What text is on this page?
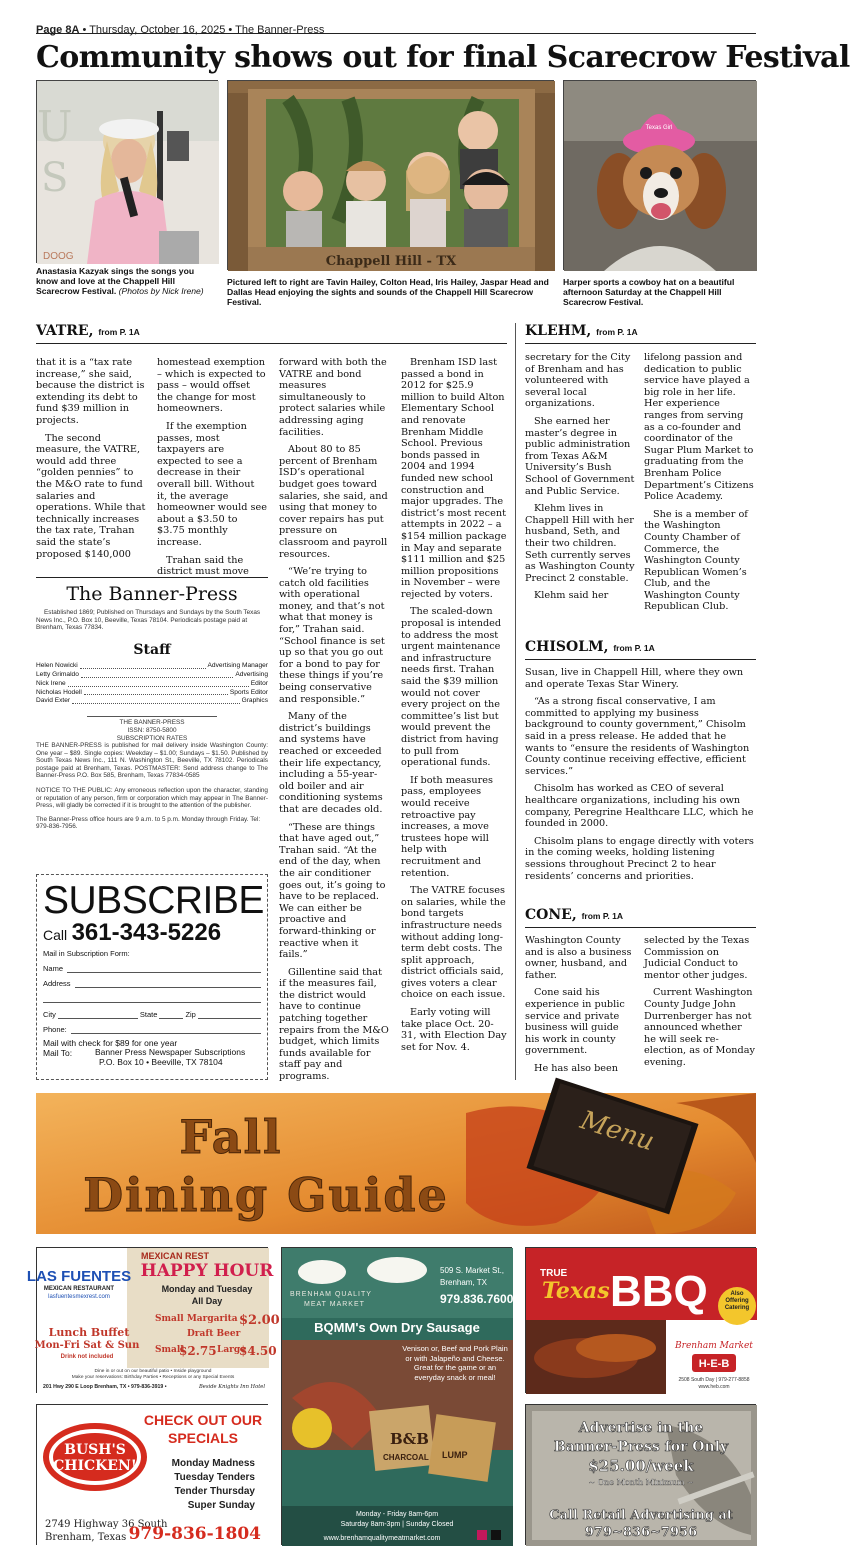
Page 8A • Thursday, October 16, 2025 • The Banner-Press
Community shows out for final Scarecrow Festival
U
S
DOOG	Chappell Hill - TX
Texas Girl
Anastasia Kazyak sings the songs you know and love at the Chappell Hill Scarecrow Festival. (Photos by Nick Irene)
Pictured left to right are Tavin Hailey, Colton Head, Iris Hailey, Jaspar Head and Dallas Head enjoying the sights and sounds of the Chappell Hill Scarecrow Festival.
Harper sports a cowboy hat on a beautiful afternoon Saturday at the Chappell Hill Scarecrow Festival.
VATRE, from P. 1A

that it is a “tax rate increase,” she said, because the district is extending its debt to fund $39 million in projects.

The second measure, the VATRE, would add three “golden pennies” to the M&O rate to fund salaries and operations. While that technically increases the tax rate, Trahan said the state’s proposed $140,000

homestead exemption – which is expected to pass – would offset the change for most homeowners.

If the exemption passes, most taxpayers are expected to see a decrease in their overall bill. Without it, the average homeowner would see about a $3.50 to $3.75 monthly increase.

Trahan said the district must move

forward with both the VATRE and bond measures simultaneously to protect salaries while addressing aging facilities.

About 80 to 85 percent of Brenham ISD’s operational budget goes toward salaries, she said, and using that money to cover repairs has put pressure on classroom and payroll resources.

“We’re trying to catch old facilities with operational money, and that’s not what that money is for,” Trahan said. “School finance is set up so that you go out for a bond to pay for these things if you’re being conservative and responsible.”

Many of the district’s buildings and systems have reached or exceeded their life expectancy, including a 55-year-old boiler and air conditioning systems that are decades old.

“These are things that have aged out,” Trahan said. “At the end of the day, when the air conditioner goes out, it’s going to have to be replaced. We can either be proactive and forward-thinking or reactive when it fails.”

Gillentine said that if the measures fail, the district would have to continue patching together repairs from the M&O budget, which limits funds available for staff pay and programs.

Brenham ISD last passed a bond in 2012 for $25.9 million to build Alton Elementary School and renovate Brenham Middle School. Previous bonds passed in 2004 and 1994 funded new school construction and major upgrades. The district’s most recent attempts in 2022 – a $154 million package in May and separate $111 million and $25 million propositions in November – were rejected by voters.

The scaled-down proposal is intended to address the most urgent maintenance and infrastructure needs first. Trahan said the $39 million would not cover every project on the committee’s list but would prevent the district from having to pull from operational funds.

If both measures pass, employees would receive retroactive pay increases, a move trustees hope will help with recruitment and retention.

The VATRE focuses on salaries, while the bond targets infrastructure needs without adding long-term debt costs. The split approach, district officials said, gives voters a clear choice on each issue.

Early voting will take place Oct. 20-31, with Election Day set for Nov. 4.

The Banner-Press
Established 1869; Published on Thursdays and Sundays by the South Texas News Inc., P.O. Box 10, Beeville, Texas 78104. Periodicals postage paid at Brenham, Texas 77834.
Staff
Helen Nowicki	Advertising Manager
Letty Grimaldo	Advertising
Nick Irene	Editor
Nicholas Hodell	Sports Editor
David Exter	Graphics
THE BANNER-PRESS
ISSN: 8750-5800
SUBSCRIPTION RATES
THE BANNER-PRESS is published for mail delivery inside Washington County: One year – $89. Single copies: Weekday – $1.00; Sundays – $1.50. Published by South Texas News Inc., 111 N. Washington St., Beeville, TX 78102. Periodicals postage paid at Brenham, Texas. POSTMASTER: Send address change to The Banner-Press P.O. Box 585, Brenham, Texas 77834-0585
NOTICE TO THE PUBLIC: Any erroneous reflection upon the character, standing or reputation of any person, firm or corporation which may appear in The Banner-Press, will gladly be corrected if it is brought to the attention of the publisher.
The Banner-Press office hours are 9 a.m. to 5 p.m. Monday through Friday. Tel: 979-836-7956.
SUBSCRIBE
Call 361-343-5226
Mail in Subscription Form:
Name
Address
City	State	Zip
Phone:
Mail with check for $89 for one year
Mail To:	Banner Press Newspaper Subscriptions
P.O. Box 10 • Beeville, TX 78104
KLEHM, from P. 1A

secretary for the City of Brenham and has volunteered with several local organizations.

She earned her master’s degree in public administration from Texas A&M University’s Bush School of Government and Public Service.

Klehm lives in Chappell Hill with her husband, Seth, and their two children. Seth currently serves as Washington County Precinct 2 constable.

Klehm said her

lifelong passion and dedication to public service have played a big role in her life. Her experience ranges from serving as a co-founder and coordinator of the Sugar Plum Market to graduating from the Brenham Police Department’s Citizens Police Academy.

She is a member of the Washington County Chamber of Commerce, the Washington County Republican Women’s Club, and the Washington County Republican Club.

CHISOLM, from P. 1A

Susan, live in Chappell Hill, where they own and operate Texas Star Winery.

“As a strong fiscal conservative, I am committed to applying my business background to county government,” Chisolm said in a press release. He added that he wants to “ensure the residents of Washington County continue receiving effective, efficient services.”

Chisolm has worked as CEO of several healthcare organizations, including his own company, Peregrine Healthcare LLC, which he founded in 2000.

Chisolm plans to engage directly with voters in the coming weeks, holding listening sessions throughout Precinct 2 to hear residents’ concerns and priorities.

CONE, from P. 1A

Washington County and is also a business owner, husband, and father.

Cone said his experience in public service and private business will guide his work in county government.

He has also been

selected by the Texas Commission on Judicial Conduct to mentor other judges.

Current Washington County Judge John Durrenberger has not announced whether he will seek re-election, as of Monday evening.

Menu
Fall
Dining Guide
MEXICAN REST
LAS FUENTES
MEXICAN RESTAURANT
lasfuentesmexrest.com
HAPPY HOUR
Monday and Tuesday
All Day
Small Margarita $2.00
Draft Beer
Small
$2.75 Large
$4.50
Lunch Buffet
Mon-Fri Sat & Sun
Drink not included
Dine in or out on our beautiful patio • Inside playground
Make your reservations: Birthday Parties • Receptions or any Special Events
201 Hwy 290 E Loop Brenham, TX • 979-836-3919 •	Beside Knights Inn Hotel
BRENHAM QUALITY
MEAT MARKET
509 S. Market St.,
Brenham, TX
979.836.7600
BQMM's Own Dry Sausage
B&B
CHARCOAL LUMP
Venison or, Beef and Pork Plain or with Jalapeño and Cheese. Great for the game or an everyday snack or meal!
Monday - Friday 8am-6pm
Saturday 8am-3pm | Sunday Closed
www.brenhamqualitymeatmarket.com
TRUE
Texas BBQ	Also Offering Catering
Brenham Market
H-E-B
2508 South Day | 979-277-8858
www.heb.com
BUSH'S
CHICKEN!
CHECK OUT OUR
SPECIALS
Monday Madness
Tuesday Tenders
Tender Thursday
Super Sunday
2749 Highway 36 South
Brenham, Texas 979-836-1804
Advertise in the
Banner-Press for Only
$25.00/week
~ One Month Minimum ~
Call Retail Advertising at
979~836~7956
